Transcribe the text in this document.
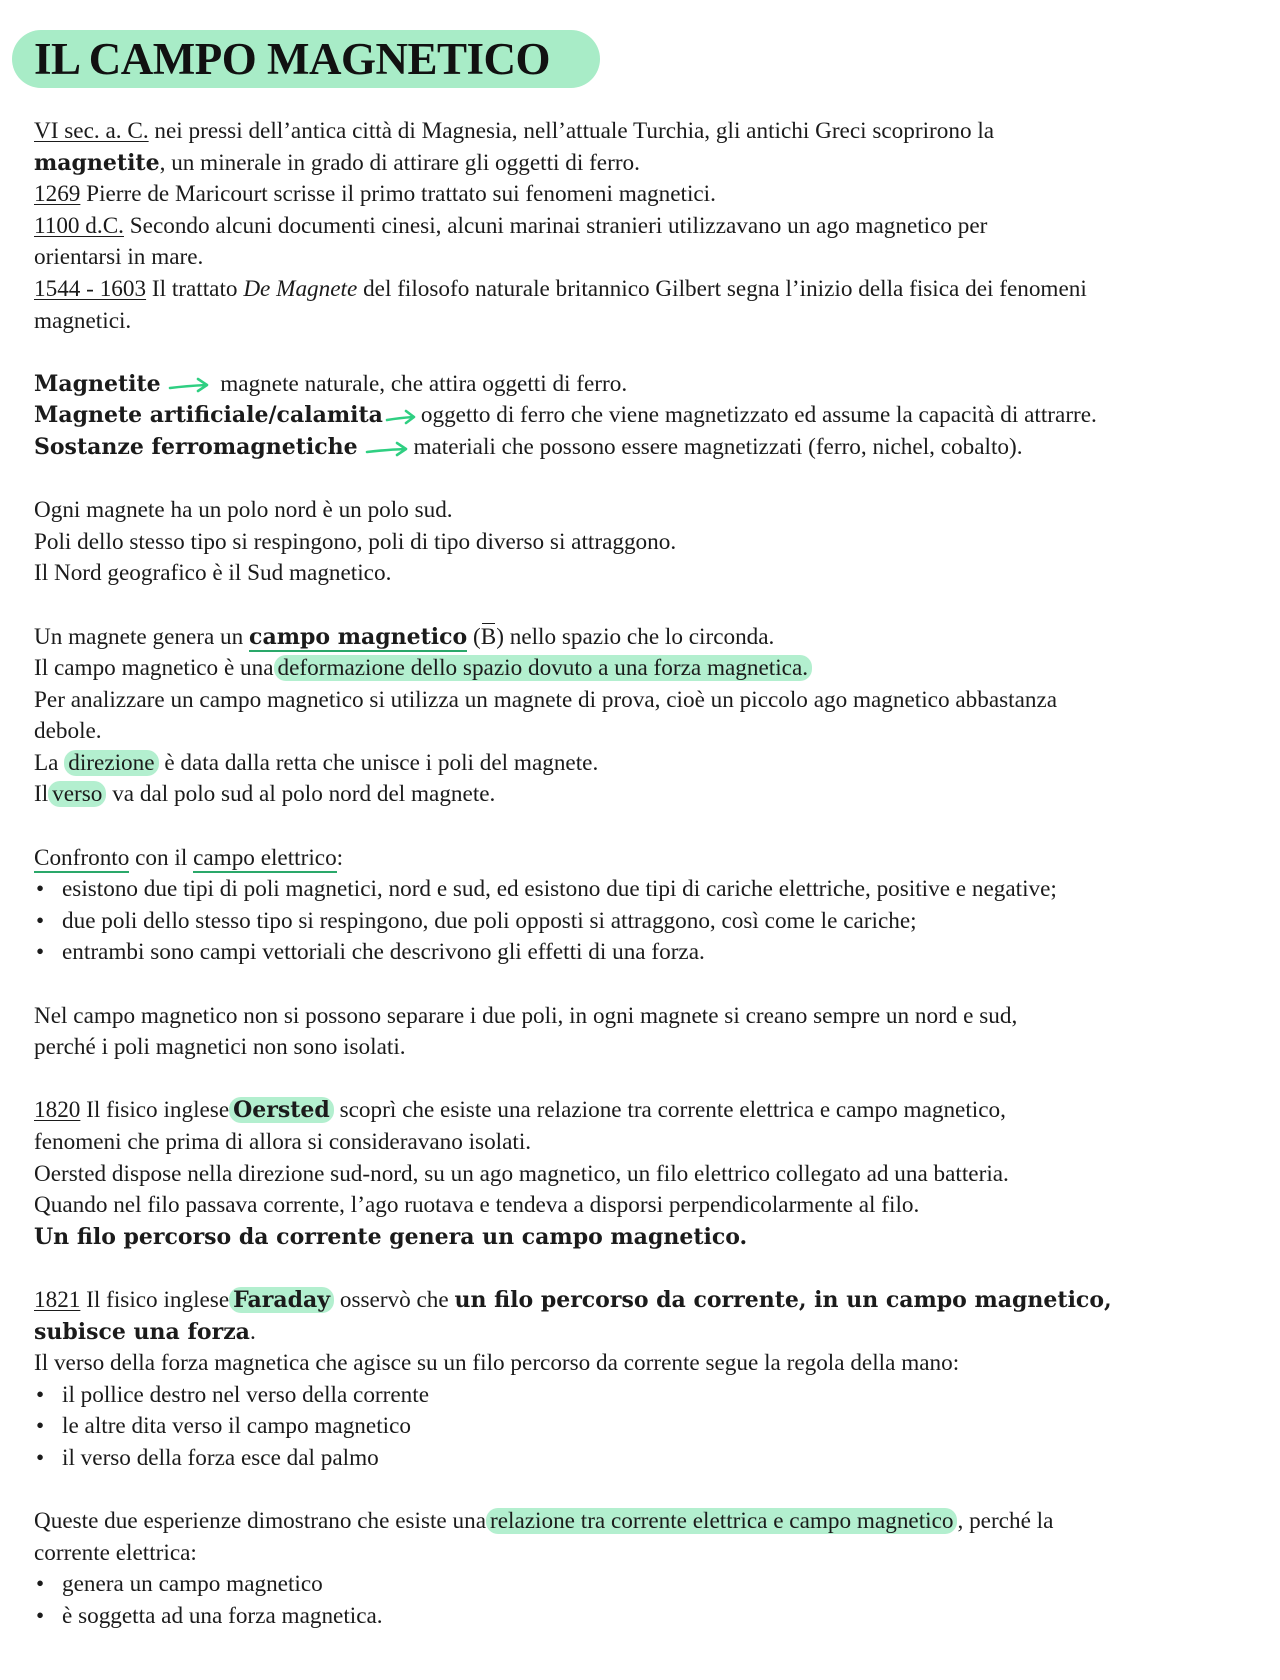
IL CAMPO MAGNETICO
VI sec. a. C. nei pressi dell’antica città di Magnesia, nell’attuale Turchia, gli antichi Greci scoprirono la
magnetite, un minerale in grado di attirare gli oggetti di ferro.
1269 Pierre de Maricourt scrisse il primo trattato sui fenomeni magnetici.
1100 d.C. Secondo alcuni documenti cinesi, alcuni marinai stranieri utilizzavano un ago magnetico per
orientarsi in mare.
1544 - 1603 Il trattato De Magnete del filosofo naturale britannico Gilbert segna l’inizio della fisica dei fenomeni
magnetici.
Magnetite	magnete naturale, che attira oggetti di ferro.
Magnete artificiale/calamita oggetto di ferro che viene magnetizzato ed assume la capacità di attrarre.
Sostanze ferromagnetiche materiali che possono essere magnetizzati (ferro, nichel, cobalto).
Ogni magnete ha un polo nord è un polo sud.
Poli dello stesso tipo si respingono, poli di tipo diverso si attraggono.
Il Nord geografico è il Sud magnetico.
Un magnete genera un campo magnetico (B) nello spazio che lo circonda.
Il campo magnetico è una deformazione dello spazio dovuto a una forza magnetica.
Per analizzare un campo magnetico si utilizza un magnete di prova, cioè un piccolo ago magnetico abbastanza
debole.
La direzione è data dalla retta che unisce i poli del magnete.
Il verso va dal polo sud al polo nord del magnete.
Confronto con il campo elettrico:
• esistono due tipi di poli magnetici, nord e sud, ed esistono due tipi di cariche elettriche, positive e negative;
• due poli dello stesso tipo si respingono, due poli opposti si attraggono, così come le cariche;
• entrambi sono campi vettoriali che descrivono gli effetti di una forza.
Nel campo magnetico non si possono separare i due poli, in ogni magnete si creano sempre un nord e sud,
perché i poli magnetici non sono isolati.
1820 Il fisico inglese Oersted scoprì che esiste una relazione tra corrente elettrica e campo magnetico,
fenomeni che prima di allora si consideravano isolati.
Oersted dispose nella direzione sud-nord, su un ago magnetico, un filo elettrico collegato ad una batteria.
Quando nel filo passava corrente, l’ago ruotava e tendeva a disporsi perpendicolarmente al filo.
Un filo percorso da corrente genera un campo magnetico.
1821 Il fisico inglese Faraday osservò che un filo percorso da corrente, in un campo magnetico,
subisce una forza.
Il verso della forza magnetica che agisce su un filo percorso da corrente segue la regola della mano:
• il pollice destro nel verso della corrente
• le altre dita verso il campo magnetico
• il verso della forza esce dal palmo
Queste due esperienze dimostrano che esiste una relazione tra corrente elettrica e campo magnetico , perché la
corrente elettrica:
• genera un campo magnetico
• è soggetta ad una forza magnetica.
